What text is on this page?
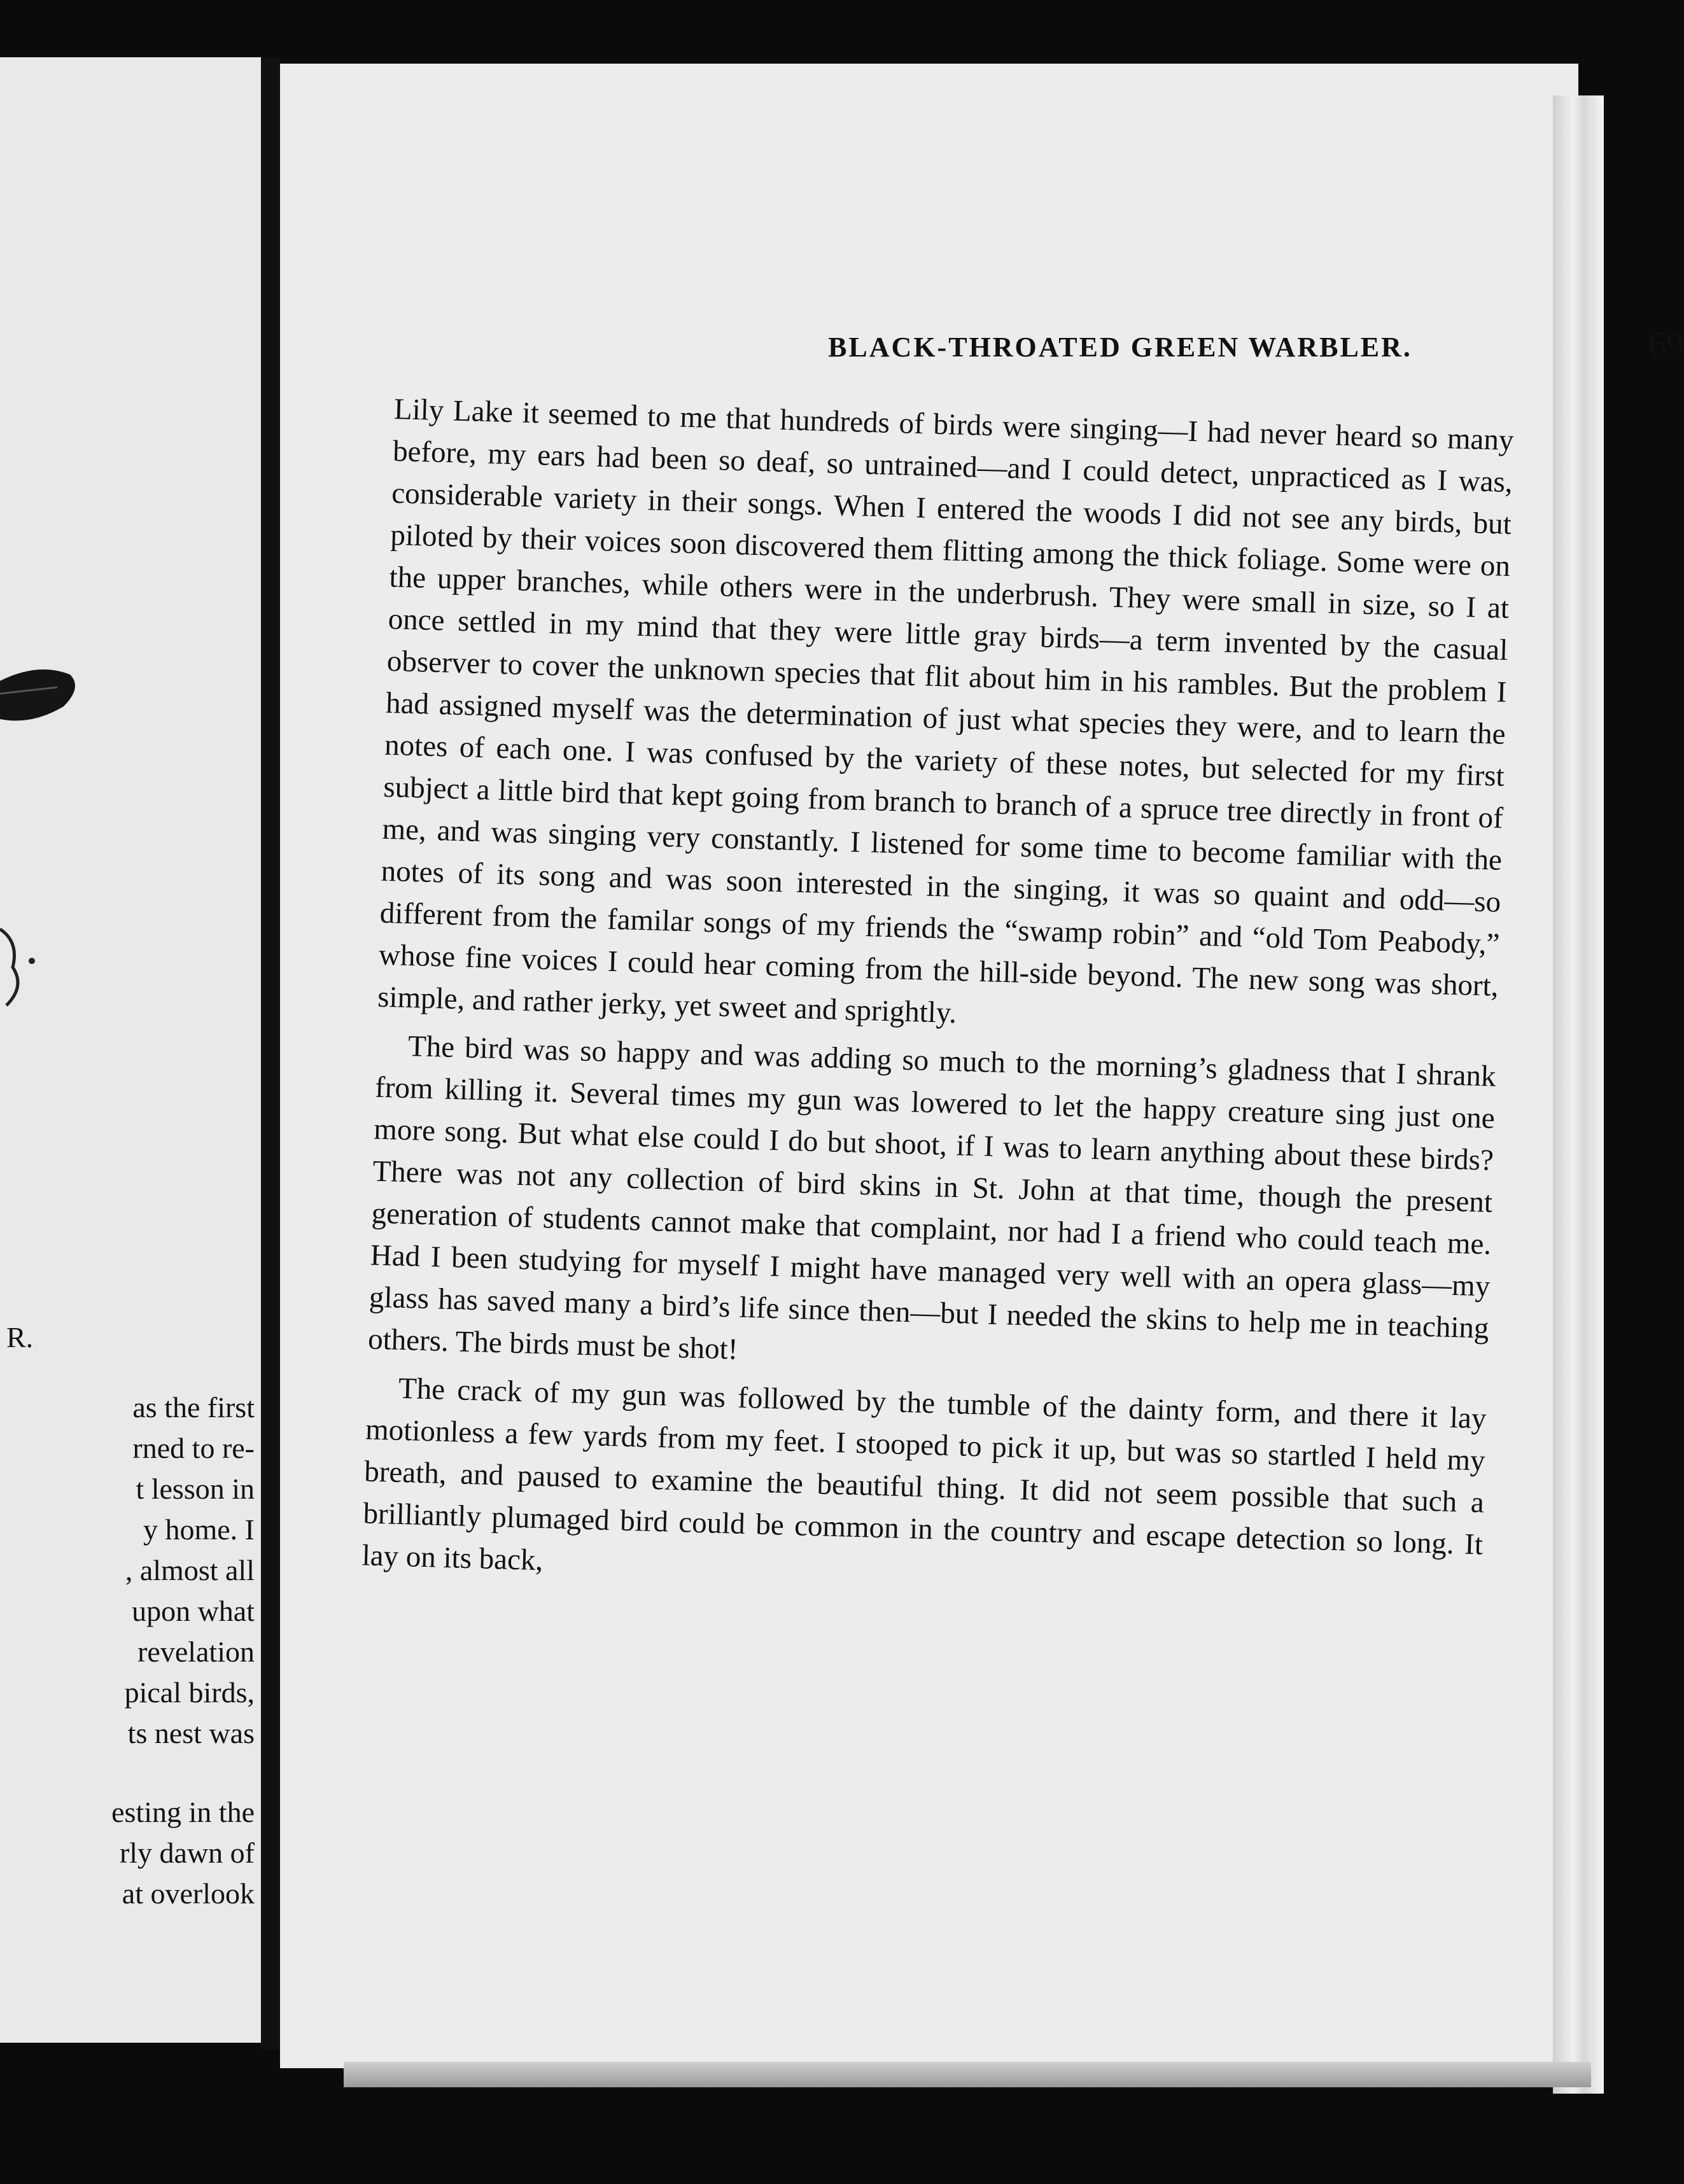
R.
as the first
rned to re-
t lesson in
y home. I
, almost all
upon what
revelation
pical birds,
ts nest was
esting in the
rly dawn of
at overlook
BLACK-THROATED GREEN WARBLER.	69

Lily Lake it seemed to me that hundreds of birds were singing—I had never heard so many before, my ears had been so deaf, so untrained—and I could detect, unpracticed as I was, considerable variety in their songs. When I entered the woods I did not see any birds, but piloted by their voices soon discovered them flitting among the thick foliage. Some were on the upper branches, while others were in the underbrush. They were small in size, so I at once settled in my mind that they were little gray birds—a term invented by the casual observer to cover the unknown species that flit about him in his rambles. But the problem I had assigned myself was the determination of just what species they were, and to learn the notes of each one. I was confused by the variety of these notes, but selected for my first subject a little bird that kept going from branch to branch of a spruce tree directly in front of me, and was singing very constantly. I listened for some time to become familiar with the notes of its song and was soon interested in the singing, it was so quaint and odd—so different from the familar songs of my friends the “swamp robin” and “old Tom Peabody,” whose fine voices I could hear coming from the hill-side beyond. The new song was short, simple, and rather jerky, yet sweet and sprightly.

The bird was so happy and was adding so much to the morning’s gladness that I shrank from killing it. Several times my gun was lowered to let the happy creature sing just one more song. But what else could I do but shoot, if I was to learn anything about these birds? There was not any collection of bird skins in St. John at that time, though the present generation of students cannot make that complaint, nor had I a friend who could teach me. Had I been studying for myself I might have managed very well with an opera glass—my glass has saved many a bird’s life since then—but I needed the skins to help me in teaching others. The birds must be shot!

The crack of my gun was followed by the tumble of the dainty form, and there it lay motionless a few yards from my feet. I stooped to pick it up, but was so startled I held my breath, and paused to examine the beautiful thing. It did not seem possible that such a brilliantly plumaged bird could be common in the country and escape detection so long. It lay on its back,
